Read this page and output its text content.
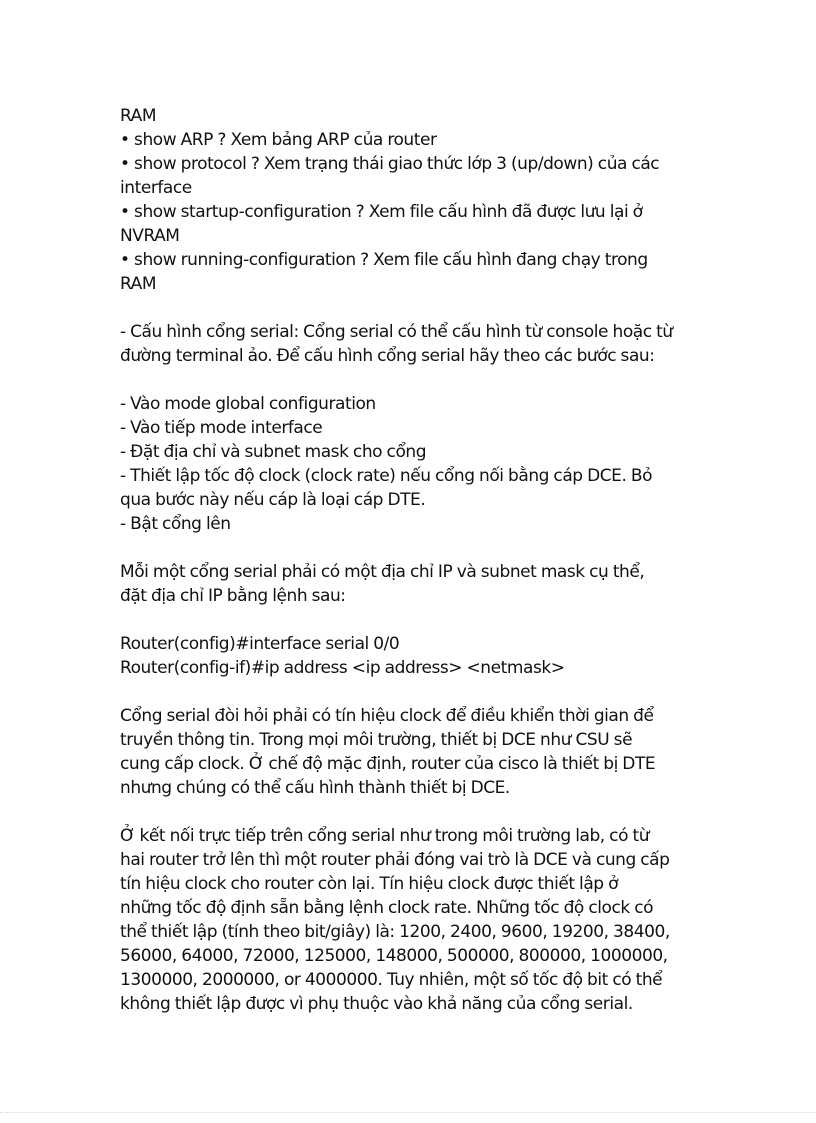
RAM
• show ARP ? Xem bảng ARP của router
• show protocol ? Xem trạng thái giao thức lớp 3 (up/down) của các
interface
• show startup-configuration ? Xem file cấu hình đã được lưu lại ở
NVRAM
• show running-configuration ? Xem file cấu hình đang chạy trong
RAM
- Cấu hình cổng serial: Cổng serial có thể cấu hình từ console hoặc từ
đường terminal ảo. Để cấu hình cổng serial hãy theo các bước sau:
- Vào mode global configuration
- Vào tiếp mode interface
- Đặt địa chỉ và subnet mask cho cổng
- Thiết lập tốc độ clock (clock rate) nếu cổng nối bằng cáp DCE. Bỏ
qua bước này nếu cáp là loại cáp DTE.
- Bật cổng lên
Mỗi một cổng serial phải có một địa chỉ IP và subnet mask cụ thể,
đặt địa chỉ IP bằng lệnh sau:
Router(config)#interface serial 0/0
Router(config-if)#ip address <ip address> <netmask>
Cổng serial đòi hỏi phải có tín hiệu clock để điều khiển thời gian để
truyền thông tin. Trong mọi môi trường, thiết bị DCE như CSU sẽ
cung cấp clock. Ở chế độ mặc định, router của cisco là thiết bị DTE
nhưng chúng có thể cấu hình thành thiết bị DCE.
Ở kết nối trực tiếp trên cổng serial như trong môi trường lab, có từ
hai router trở lên thì một router phải đóng vai trò là DCE và cung cấp
tín hiệu clock cho router còn lại. Tín hiệu clock được thiết lập ở
những tốc độ định sẵn bằng lệnh clock rate. Những tốc độ clock có
thể thiết lập (tính theo bit/giây) là: 1200, 2400, 9600, 19200, 38400,
56000, 64000, 72000, 125000, 148000, 500000, 800000, 1000000,
1300000, 2000000, or 4000000. Tuy nhiên, một số tốc độ bit có thể
không thiết lập được vì phụ thuộc vào khả năng của cổng serial.
